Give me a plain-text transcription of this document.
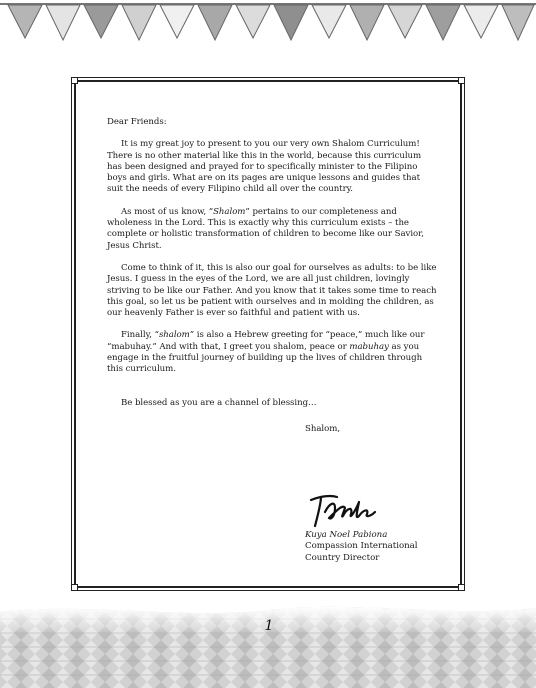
Dear Friends:

It is my great joy to present to you our very own Shalom Curriculum! There is no other material like this in the world, because this curriculum has been designed and prayed for to specifically minister to the Filipino boys and girls. What are on its pages are unique lessons and guides that suit the needs of every Filipino child all over the country.

As most of us know, “Shalom” pertains to our completeness and wholeness in the Lord. This is exactly why this curriculum exists – the complete or holistic transformation of children to become like our Savior, Jesus Christ.

Come to think of it, this is also our goal for ourselves as adults: to be like Jesus. I guess in the eyes of the Lord, we are all just children, lovingly striving to be like our Father. And you know that it takes some time to reach this goal, so let us be patient with ourselves and in molding the children, as our heavenly Father is ever so faithful and patient with us.

Finally, “shalom” is also a Hebrew greeting for “peace,” much like our “mabuhay.” And with that, I greet you shalom, peace or mabuhay as you engage in the fruitful journey of building up the lives of children through this curriculum.

Be blessed as you are a channel of blessing…

Shalom,

Kuya Noel Pabiona
Compassion International
Country Director
1
